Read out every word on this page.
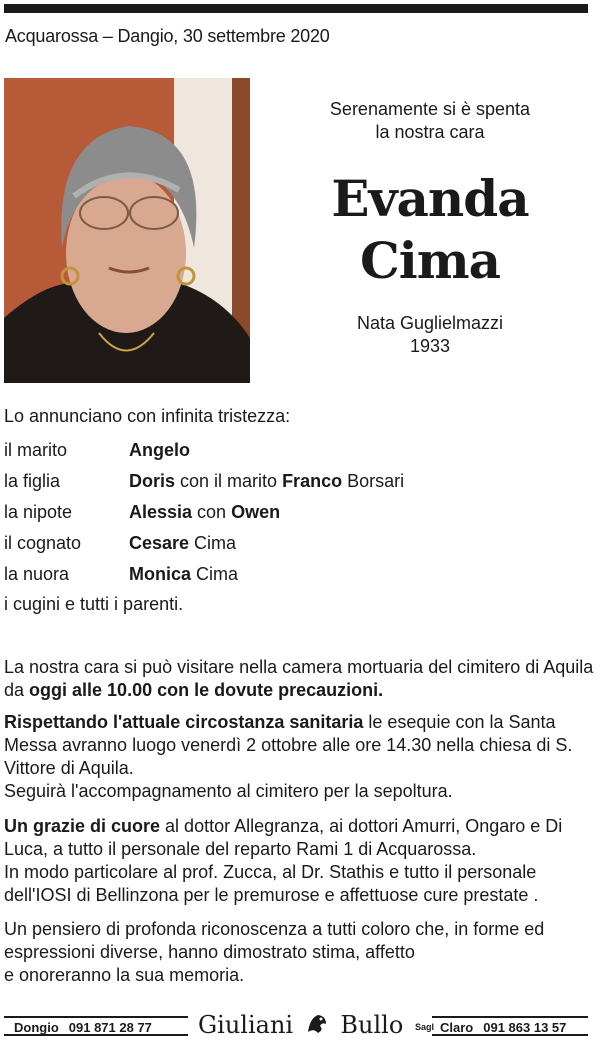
Acquarossa – Dangio, 30 settembre 2020
Serenamente si è spenta
la nostra cara
Evanda
Cima
Nata Guglielmazzi
1933
Lo annunciano con infinita tristezza:
il marito	Angelo
la figlia	Doris con il marito Franco Borsari
la nipote	Alessia con Owen
il cognato	Cesare Cima
la nuora	Monica Cima
i cugini e tutti i parenti.
La nostra cara si può visitare nella camera mortuaria del cimitero di Aquila da oggi alle 10.00 con le dovute precauzioni.
Rispettando l'attuale circostanza sanitaria le esequie con la Santa Messa avranno luogo venerdì 2 ottobre alle ore 14.30 nella chiesa di S. Vittore di Aquila.
Seguirà l'accompagnamento al cimitero per la sepoltura.
Un grazie di cuore al dottor Allegranza, ai dottori Amurri, Ongaro e Di Luca, a tutto il personale del reparto Rami 1 di Acquarossa.
In modo particolare al prof. Zucca, al Dr. Stathis e tutto il personale dell'IOSI di Bellinzona per le premurose e affettuose cure prestate .
Un pensiero di profonda riconoscenza a tutti coloro che, in forme ed espressioni diverse, hanno dimostrato stima, affetto
e onoreranno la sua memoria.
Dongio 091 871 28 77	Giuliani Bullo Sagl Claro 091 863 13 57
